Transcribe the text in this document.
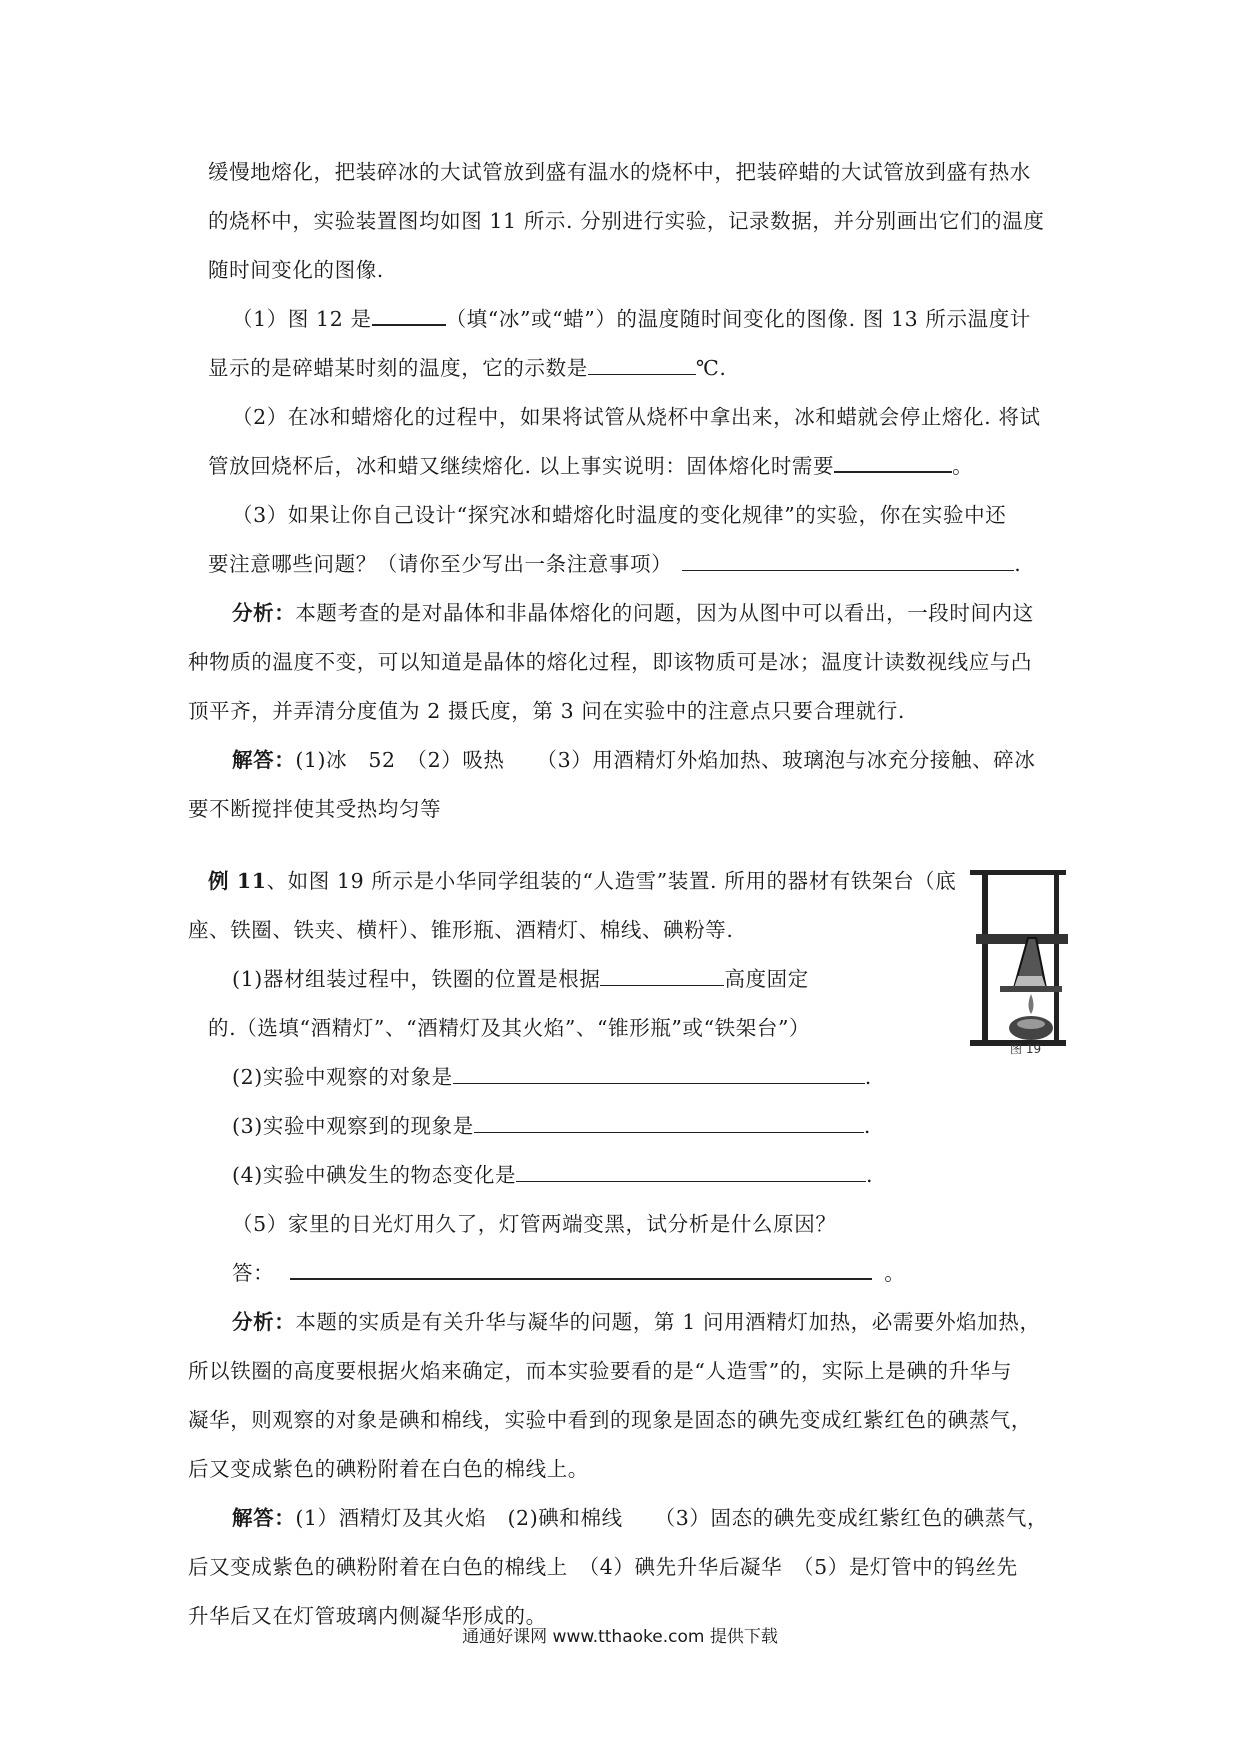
缓慢地熔化，把装碎冰的大试管放到盛有温水的烧杯中，把装碎蜡的大试管放到盛有热水
的烧杯中，实验装置图均如图 11 所示. 分别进行实验，记录数据，并分别画出它们的温度
随时间变化的图像.
（1）图 12 是	（填“冰”或“蜡”）的温度随时间变化的图像. 图 13 所示温度计
显示的是碎蜡某时刻的温度，它的示数是	℃.
（2）在冰和蜡熔化的过程中，如果将试管从烧杯中拿出来，冰和蜡就会停止熔化. 将试
管放回烧杯后，冰和蜡又继续熔化. 以上事实说明：固体熔化时需要	。
（3）如果让你自己设计“探究冰和蜡熔化时温度的变化规律”的实验，你在实验中还
要注意哪些问题？（请你至少写出一条注意事项）	.
分析：本题考查的是对晶体和非晶体熔化的问题，因为从图中可以看出，一段时间内这
种物质的温度不变，可以知道是晶体的熔化过程，即该物质可是冰；温度计读数视线应与凸
顶平齐，并弄清分度值为 2 摄氏度，第 3 问在实验中的注意点只要合理就行.
解答：(1)冰　52　（2）吸热　　（3）用酒精灯外焰加热、玻璃泡与冰充分接触、碎冰
要不断搅拌使其受热均匀等
例 11、如图 19 所示是小华同学组装的“人造雪”装置. 所用的器材有铁架台（底
座、铁圈、铁夹、横杆）、锥形瓶、酒精灯、棉线、碘粉等.
(1)器材组装过程中，铁圈的位置是根据	高度固定
的.（选填“酒精灯”、“酒精灯及其火焰”、“锥形瓶”或“铁架台”）
(2)实验中观察的对象是	.
(3)实验中观察到的现象是	.
(4)实验中碘发生的物态变化是	.
（5）家里的日光灯用久了，灯管两端变黑，试分析是什么原因？
答：	。
分析：本题的实质是有关升华与凝华的问题，第 1 问用酒精灯加热，必需要外焰加热，
所以铁圈的高度要根据火焰来确定，而本实验要看的是“人造雪”的，实际上是碘的升华与
凝华，则观察的对象是碘和棉线，实验中看到的现象是固态的碘先变成红紫红色的碘蒸气，
后又变成紫色的碘粉附着在白色的棉线上。
解答：(1）酒精灯及其火焰　(2)碘和棉线　　（3）固态的碘先变成红紫红色的碘蒸气，
后又变成紫色的碘粉附着在白色的棉线上　（4）碘先升华后凝华　（5）是灯管中的钨丝先
升华后又在灯管玻璃内侧凝华形成的。
图 19
通通好课网 www.tthaoke.com 提供下载
